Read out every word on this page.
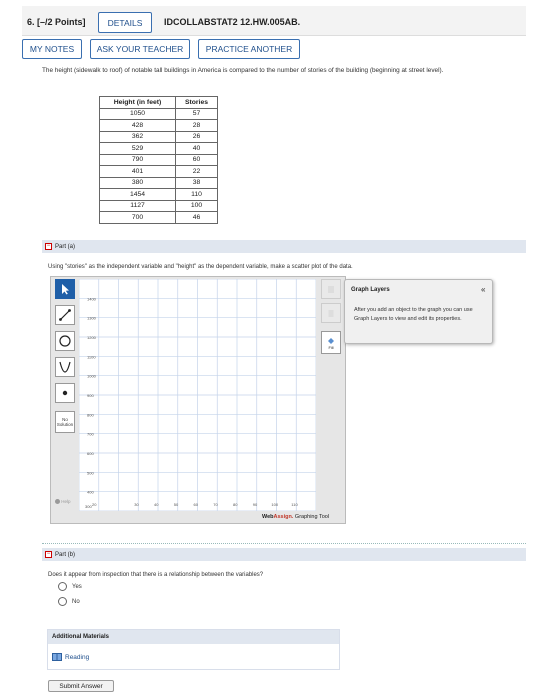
6. [–/2 Points]	DETAILS	IDCOLLABSTAT2 12.HW.005AB.
MY NOTES	ASK YOUR TEACHER	PRACTICE ANOTHER
The height (sidewalk to roof) of notable tall buildings in America is compared to the number of stories of the building (beginning at street level).
Height (in feet)	Stories
1050	57
428	28
362	26
529	40
790	60
401	22
380	38
1454	110
1127	100
700	46
− Part (a)
Using "stories" as the independent variable and "height" as the dependent variable, make a scatter plot of the data.
No Solution
Help
1400
1300
1200
1100
1000
900
800
700
600
500
400
300 20	30	40	50	60	70	80	90	100	110
Fill
WebAssign. Graphing Tool
Graph Layers	«
After you add an object to the graph you can use Graph Layers to view and edit its properties.
− Part (b)
Does it appear from inspection that there is a relationship between the variables?
Yes
No
Additional Materials
Reading
Submit Answer
